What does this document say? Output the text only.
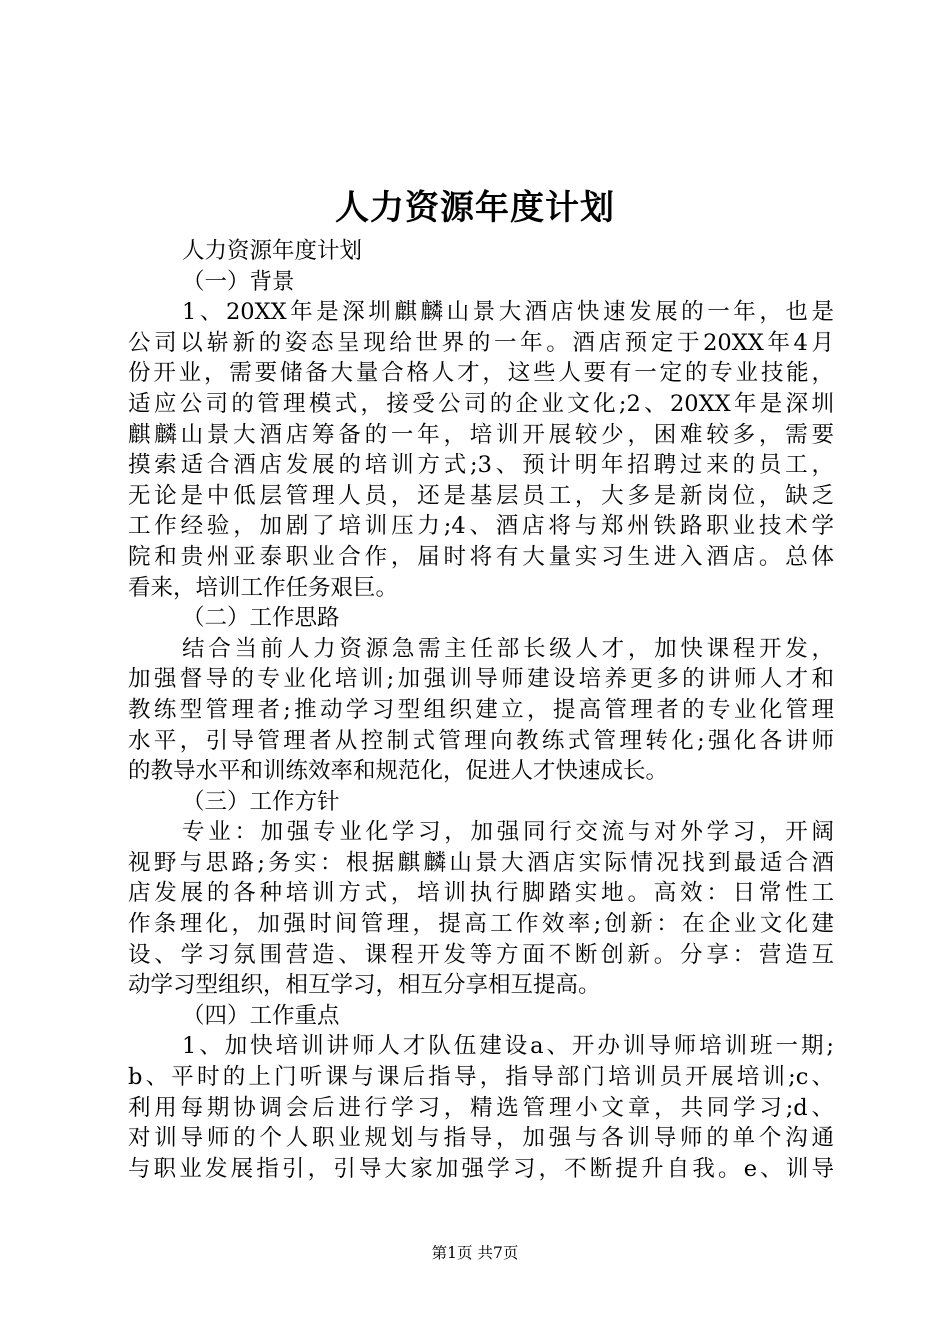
人力资源年度计划
人力资源年度计划
（一）背景
1、20XX年是深圳麒麟山景大酒店快速发展的一年，也是
公司以崭新的姿态呈现给世界的一年。酒店预定于20XX年4月
份开业，需要储备大量合格人才，这些人要有一定的专业技能，
适应公司的管理模式，接受公司的企业文化;2、20XX年是深圳
麒麟山景大酒店筹备的一年，培训开展较少，困难较多，需要
摸索适合酒店发展的培训方式;3、预计明年招聘过来的员工，
无论是中低层管理人员，还是基层员工，大多是新岗位，缺乏
工作经验，加剧了培训压力;4、酒店将与郑州铁路职业技术学
院和贵州亚泰职业合作，届时将有大量实习生进入酒店。总体
看来，培训工作任务艰巨。
（二）工作思路
结合当前人力资源急需主任部长级人才，加快课程开发，
加强督导的专业化培训;加强训导师建设培养更多的讲师人才和
教练型管理者;推动学习型组织建立，提高管理者的专业化管理
水平，引导管理者从控制式管理向教练式管理转化;强化各讲师
的教导水平和训练效率和规范化，促进人才快速成长。
（三）工作方针
专业：加强专业化学习，加强同行交流与对外学习，开阔
视野与思路;务实：根据麒麟山景大酒店实际情况找到最适合酒
店发展的各种培训方式，培训执行脚踏实地。高效：日常性工
作条理化，加强时间管理，提高工作效率;创新：在企业文化建
设、学习氛围营造、课程开发等方面不断创新。分享：营造互
动学习型组织，相互学习，相互分享相互提高。
（四）工作重点
1、加快培训讲师人才队伍建设a、开办训导师培训班一期;
b、平时的上门听课与课后指导，指导部门培训员开展培训;c、
利用每期协调会后进行学习，精选管理小文章，共同学习;d、
对训导师的个人职业规划与指导，加强与各训导师的单个沟通
与职业发展指引，引导大家加强学习，不断提升自我。e、训导
第1页 共7页
